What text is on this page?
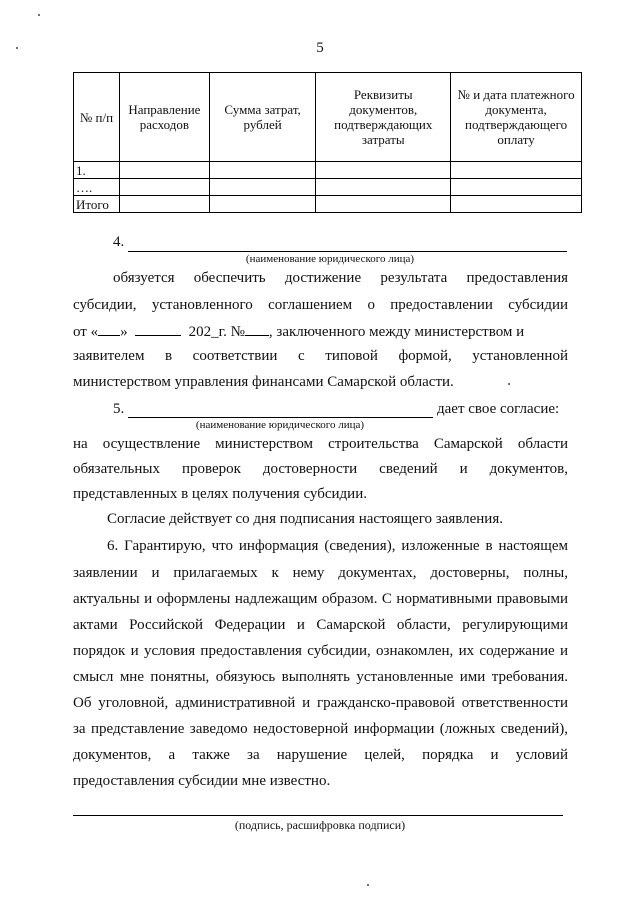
5
№ п/п	Направление расходов	Сумма затрат, рублей	Реквизиты документов, подтверждающих затраты	№ и дата платежного документа, подтверждающего оплату
1.				
….				
Итого				
4.
(наименование юридического лица)
обязуется обеспечить достижение результата предоставления
субсидии, установленного соглашением о предоставлении субсидии
от « »	202_г. № , заключенного между министерством и
заявителем в соответствии с типовой формой, установленной
министерством управления финансами Самарской области.
5.	дает свое согласие:
(наименование юридического лица)
на осуществление министерством строительства Самарской области
обязательных проверок достоверности сведений и документов,
представленных в целях получения субсидии.
Согласие действует со дня подписания настоящего заявления.
6. Гарантирую, что информация (сведения), изложенные в настоящем
заявлении и прилагаемых к нему документах, достоверны, полны,
актуальны и оформлены надлежащим образом. С нормативными правовыми
актами Российской Федерации и Самарской области, регулирующими
порядок и условия предоставления субсидии, ознакомлен, их содержание и
смысл мне понятны, обязуюсь выполнять установленные ими требования.
Об уголовной, административной и гражданско-правовой ответственности
за представление заведомо недостоверной информации (ложных сведений),
документов, а также за нарушение целей, порядка и условий
предоставления субсидии мне известно.
(подпись, расшифровка подписи)
